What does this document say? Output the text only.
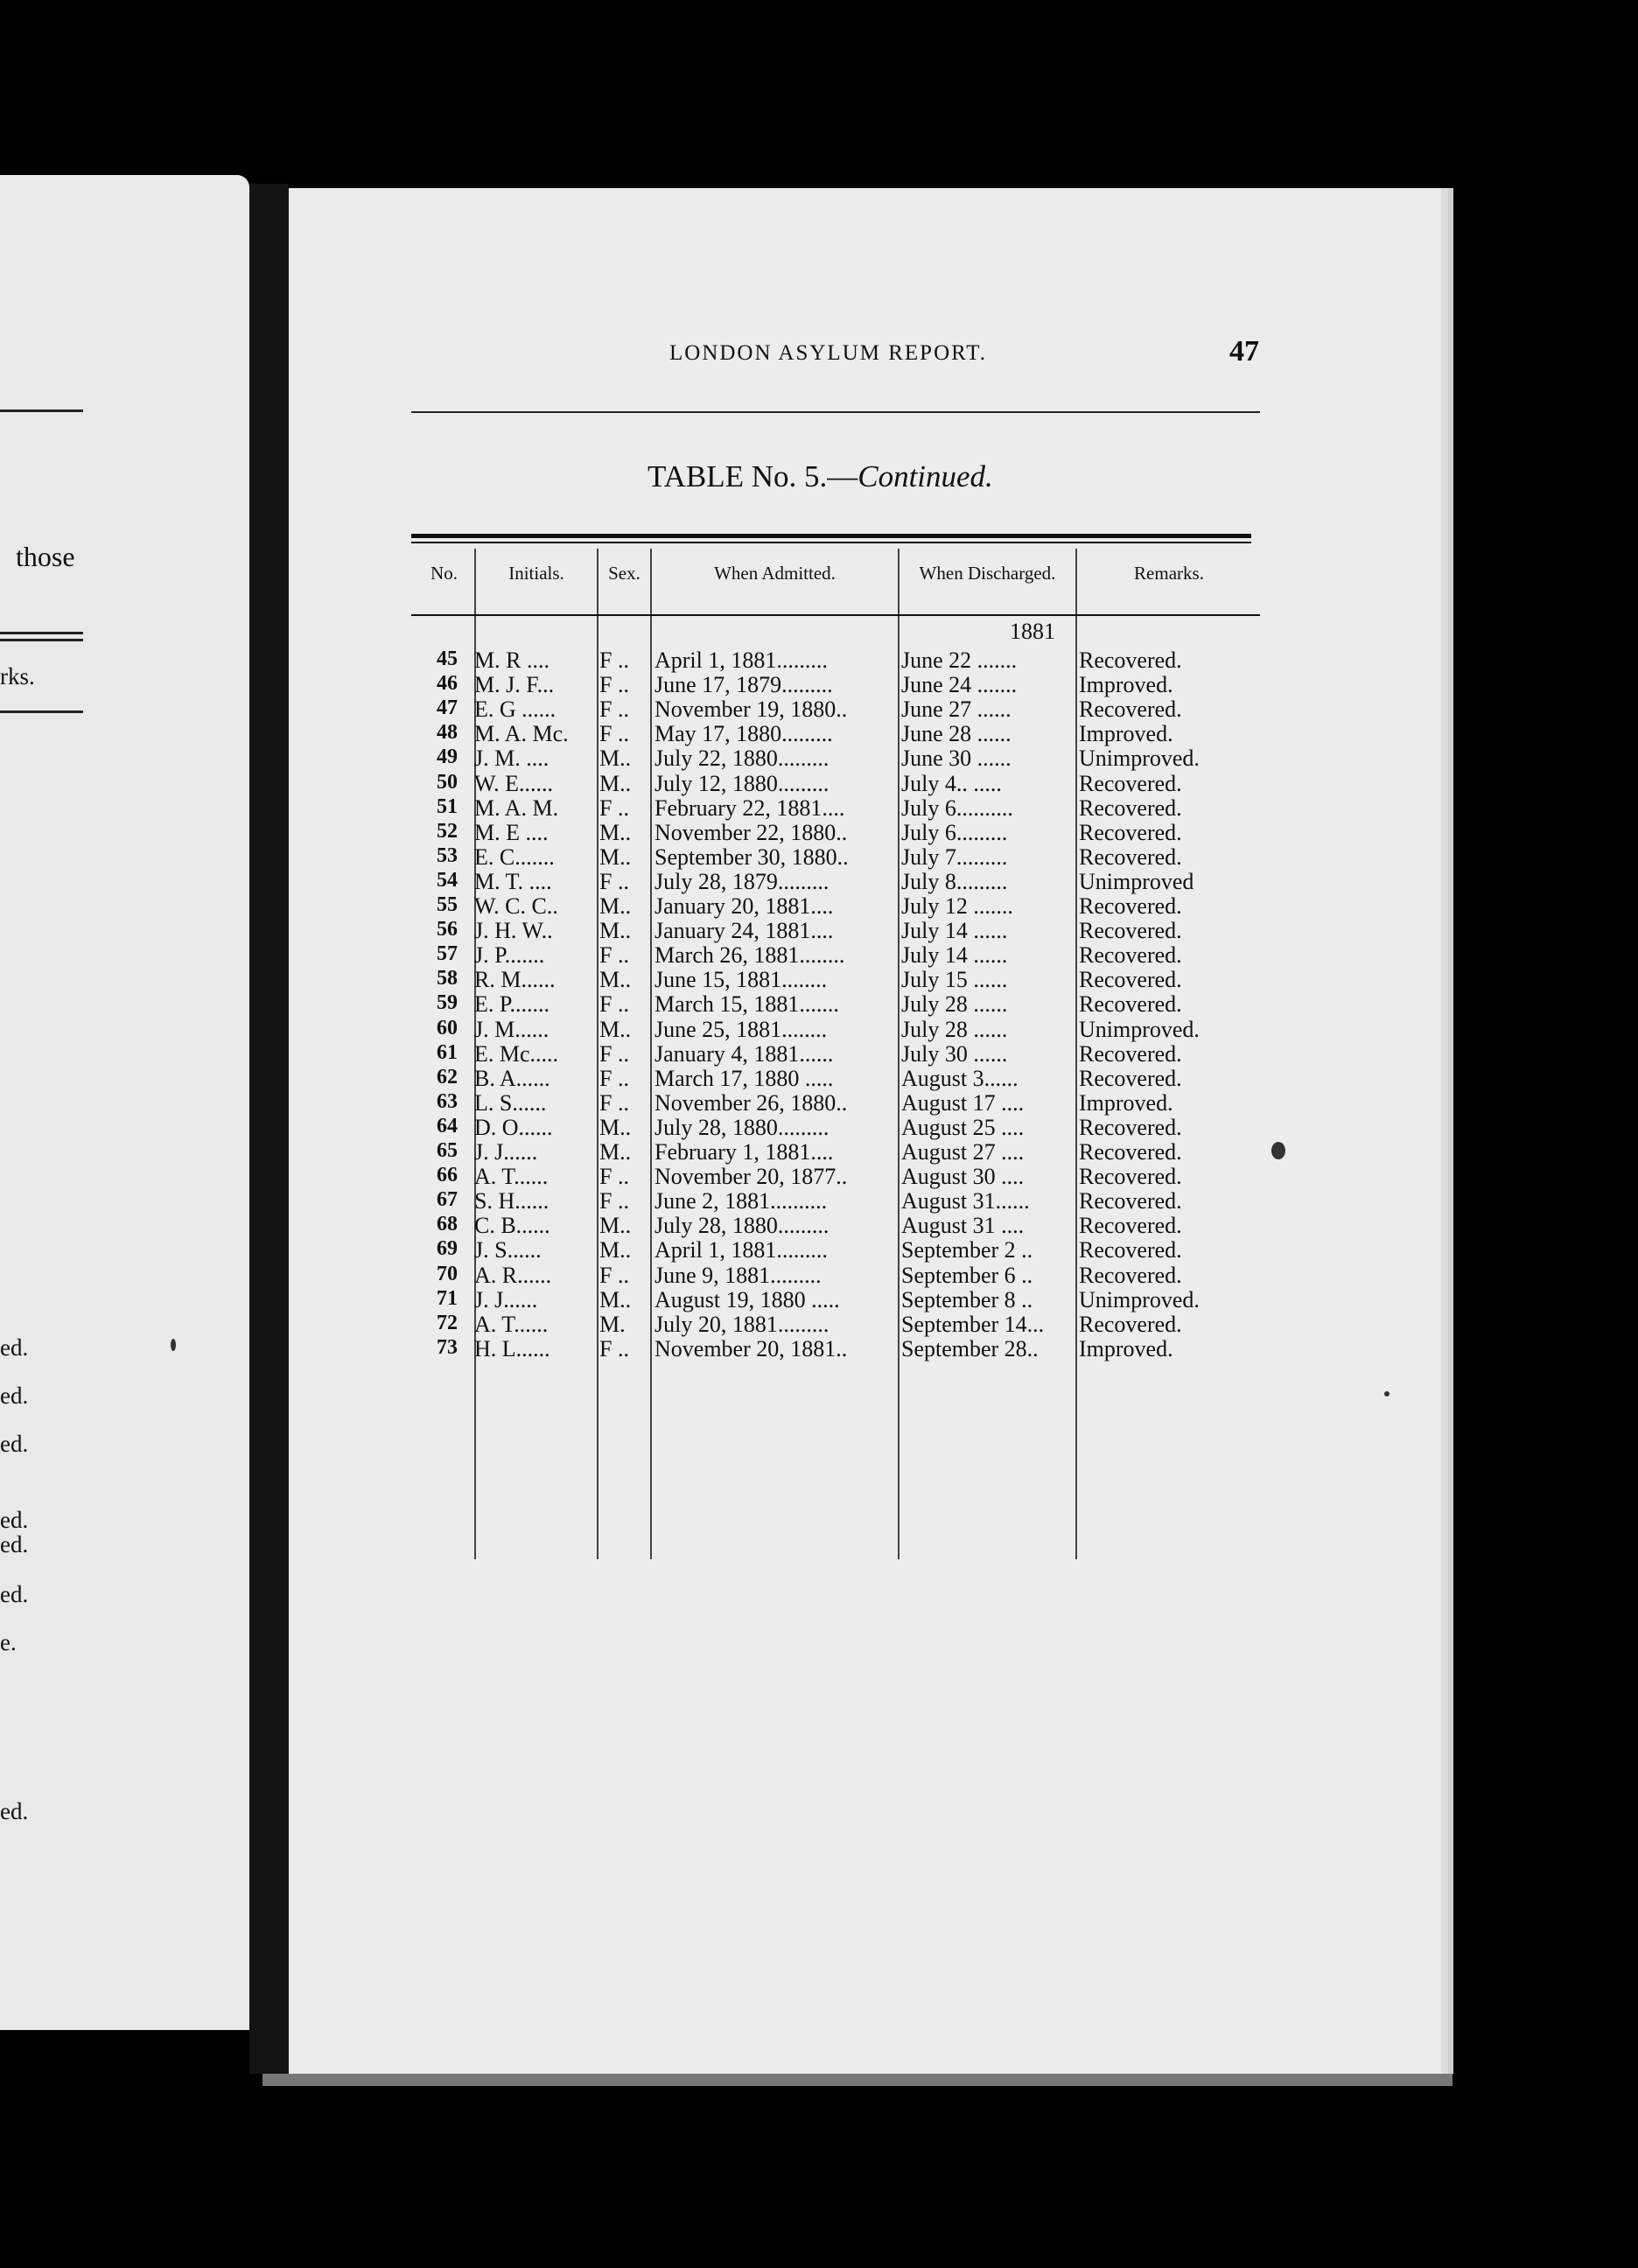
those
rks.
ed.
ed.
ed.
ed.
ed.
ed.
e.
ed.
LONDON ASYLUM REPORT.	47
TABLE No. 5.—Continued.
No.	Initials.	Sex.	When Admitted.	When Discharged.	Remarks.
1881
45 M. R ....	F ..	April 1, 1881.........	June 22 .......	Recovered.
46 M. J. F...	F ..	June 17, 1879.........	June 24 .......	Improved.
47 E. G ......	F ..	November 19, 1880..	June 27 ......	Recovered.
48 M. A. Mc.	F ..	May 17, 1880.........	June 28 ......	Improved.
49 J. M. ....	M..	July 22, 1880.........	June 30 ......	Unimproved.
50 W. E......	M..	July 12, 1880.........	July 4.. .....	Recovered.
51 M. A. M.	F ..	February 22, 1881....	July 6..........	Recovered.
52 M. E ....	M..	November 22, 1880..	July 6.........	Recovered.
53 E. C.......	M..	September 30, 1880..	July 7.........	Recovered.
54 M. T. ....	F ..	July 28, 1879.........	July 8.........	Unimproved
55 W. C. C..	M..	January 20, 1881....	July 12 .......	Recovered.
56 J. H. W..	M..	January 24, 1881....	July 14 ......	Recovered.
57 J. P.......	F ..	March 26, 1881........	July 14 ......	Recovered.
58 R. M......	M..	June 15, 1881........	July 15 ......	Recovered.
59 E. P.......	F ..	March 15, 1881.......	July 28 ......	Recovered.
60 J. M......	M..	June 25, 1881........	July 28 ......	Unimproved.
61 E. Mc.....	F ..	January 4, 1881......	July 30 ......	Recovered.
62 B. A......	F ..	March 17, 1880 .....	August 3......	Recovered.
63 L. S......	F ..	November 26, 1880..	August 17 ....	Improved.
64 D. O......	M..	July 28, 1880.........	August 25 ....	Recovered.
65 J. J......	M..	February 1, 1881....	August 27 ....	Recovered.
66 A. T......	F ..	November 20, 1877..	August 30 ....	Recovered.
67 S. H......	F ..	June 2, 1881..........	August 31......	Recovered.
68 C. B......	M..	July 28, 1880.........	August 31 ....	Recovered.
69 J. S......	M..	April 1, 1881.........	September 2 ..	Recovered.
70 A. R......	F ..	June 9, 1881.........	September 6 ..	Recovered.
71 J. J......	M..	August 19, 1880 .....	September 8 ..	Unimproved.
72 A. T......	M.	July 20, 1881.........	September 14...	Recovered.
73 H. L......	F ..	November 20, 1881..	September 28..	Improved.
